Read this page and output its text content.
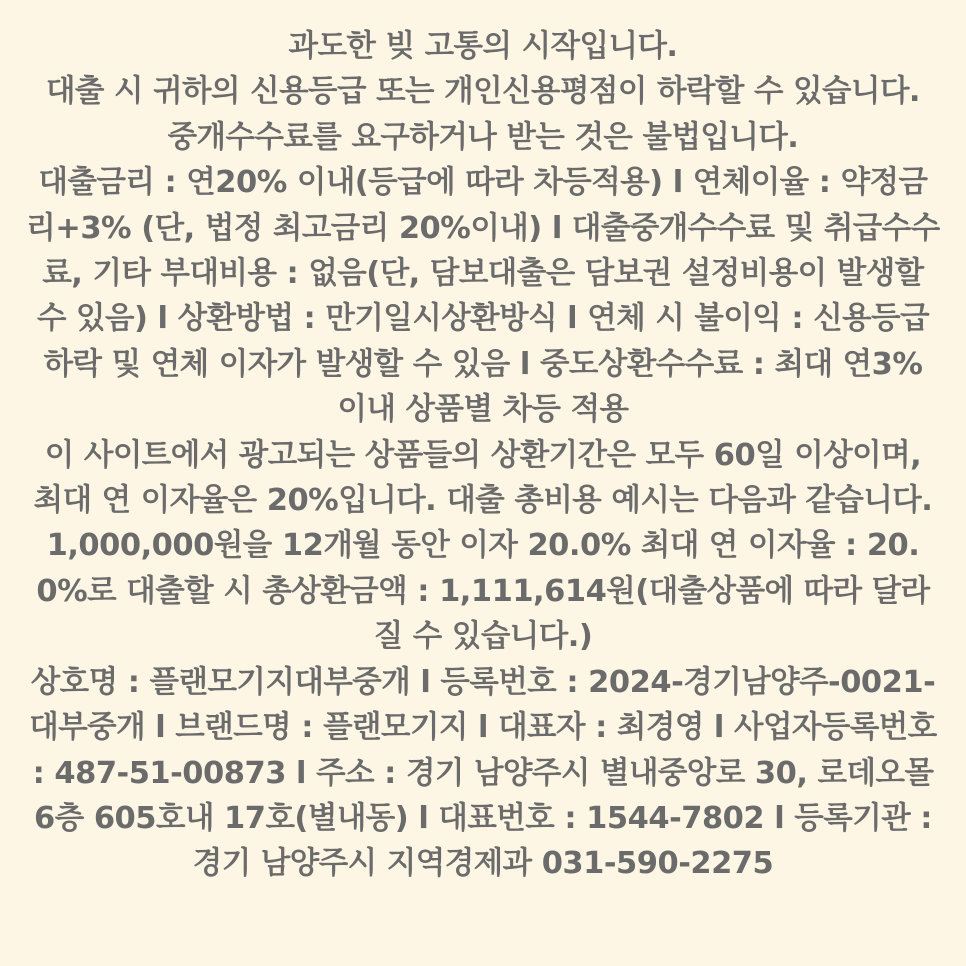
과도한 빚 고통의 시작입니다.

대출 시 귀하의 신용등급 또는 개인신용평점이 하락할 수 있습니다.

중개수수료를 요구하거나 받는 것은 불법입니다.

대출금리 : 연20% 이내(등급에 따라 차등적용) l 연체이율 : 약정금리+3% (단, 법정 최고금리 20%이내) l 대출중개수수료 및 취급수수료, 기타 부대비용 : 없음(단, 담보대출은 담보권 설정비용이 발생할 수 있음) l 상환방법 : 만기일시상환방식 l 연체 시 불이익 : 신용등급 하락 및 연체 이자가 발생할 수 있음 l 중도상환수수료 : 최대 연3% 이내 상품별 차등 적용

이 사이트에서 광고되는 상품들의 상환기간은 모두 60일 이상이며, 최대 연 이자율은 20%입니다. 대출 총비용 예시는 다음과 같습니다. 1,000,000원을 12개월 동안 이자 20.0% 최대 연 이자율 : 20.0%로 대출할 시 총상환금액 : 1,111,614원(대출상품에 따라 달라질 수 있습니다.)

상호명 : 플랜모기지대부중개 l 등록번호 : 2024-경기남양주-0021-대부중개 l 브랜드명 : 플랜모기지 l 대표자 : 최경영 l 사업자등록번호 : 487-51-00873 l 주소 : 경기 남양주시 별내중앙로 30, 로데오몰 6층 605호내 17호(별내동) l 대표번호 : 1544-7802 l 등록기관 : 경기 남양주시 지역경제과 031-590-2275
